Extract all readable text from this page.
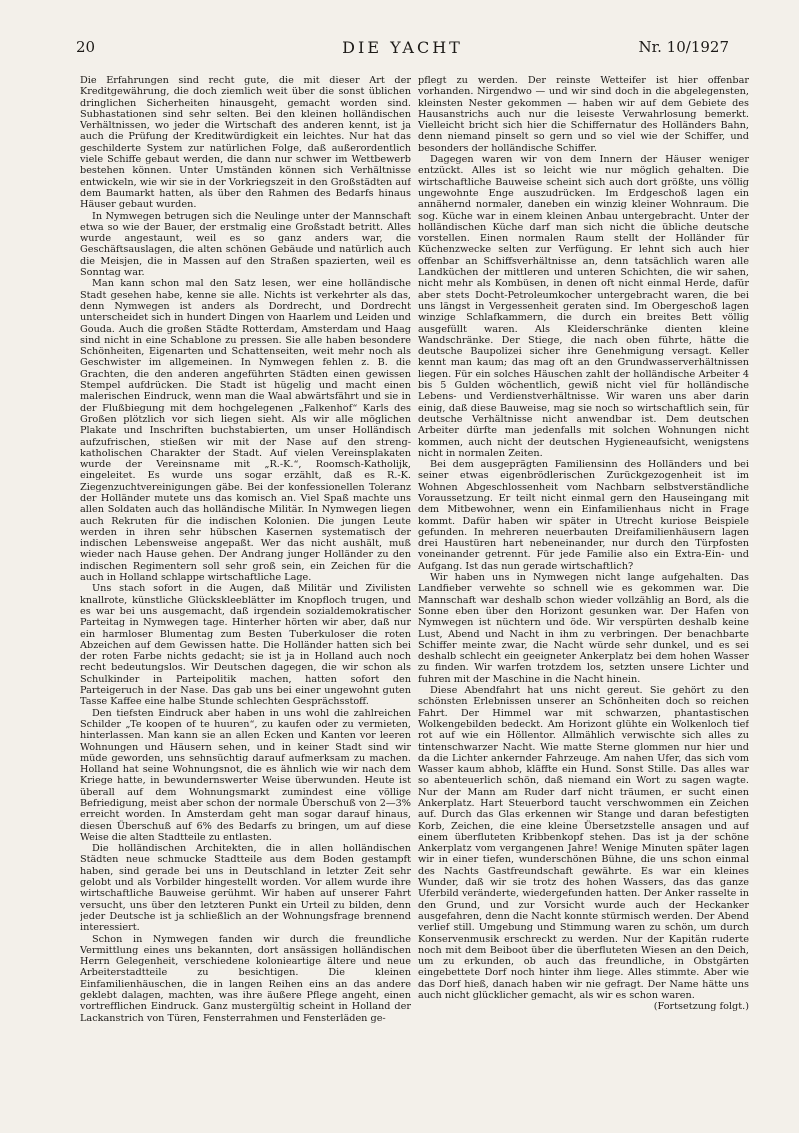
20	DIE YACHT	Nr. 10/1927

Die Erfahrungen sind recht gute, die mit dieser Art der Kreditgewährung, die doch ziemlich weit über die sonst üblichen dringlichen Sicherheiten hinausgeht, gemacht worden sind. Subhastationen sind sehr selten. Bei den kleinen holländischen Verhältnissen, wo jeder die Wirtschaft des anderen kennt, ist ja auch die Prüfung der Kreditwürdigkeit ein leichtes. Nur hat das geschilderte System zur natürlichen Folge, daß außerordentlich viele Schiffe gebaut werden, die dann nur schwer im Wettbewerb bestehen können. Unter Umständen können sich Verhältnisse entwickeln, wie wir sie in der Vorkriegszeit in den Großstädten auf dem Baumarkt hatten, als über den Rahmen des Bedarfs hinaus Häuser gebaut wurden.

In Nymwegen betrugen sich die Neulinge unter der Mannschaft etwa so wie der Bauer, der erstmalig eine Großstadt betritt. Alles wurde angestaunt, weil es so ganz anders war, die Geschäftsauslagen, die alten schönen Gebäude und natürlich auch die Meisjen, die in Massen auf den Straßen spazierten, weil es Sonntag war.

Man kann schon mal den Satz lesen, wer eine holländische Stadt gesehen habe, kenne sie alle. Nichts ist verkehrter als das, denn Nymwegen ist anders als Dordrecht, und Dordrecht unterscheidet sich in hundert Dingen von Haarlem und Leiden und Gouda. Auch die großen Städte Rotterdam, Amsterdam und Haag sind nicht in eine Schablone zu pressen. Sie alle haben besondere Schönheiten, Eigenarten und Schattenseiten, weit mehr noch als Geschwister im allgemeinen. In Nymwegen fehlen z. B. die Grachten, die den anderen angeführten Städten einen gewissen Stempel aufdrücken. Die Stadt ist hügelig und macht einen malerischen Eindruck, wenn man die Waal abwärtsfährt und sie in der Flußbiegung mit dem hochgelegenen „Falkenhof“ Karls des Großen plötzlich vor sich liegen sieht. Als wir alle möglichen Plakate und Inschriften buchstabierten, um unser Holländisch aufzufrischen, stießen wir mit der Nase auf den streng-katholischen Charakter der Stadt. Auf vielen Vereinsplakaten wurde der Vereinsname mit „R.-K.“, Roomsch-Katholijk, eingeleitet. Es wurde uns sogar erzählt, daß es R.-K. Ziegenzuchtvereinigungen gäbe. Bei der konfessionellen Toleranz der Holländer mutete uns das komisch an. Viel Spaß machte uns allen Soldaten auch das holländische Militär. In Nymwegen liegen auch Rekruten für die indischen Kolonien. Die jungen Leute werden in ihren sehr hübschen Kasernen systematisch der indischen Lebensweise angepaßt. Wer das nicht aushält, muß wieder nach Hause gehen. Der Andrang junger Holländer zu den indischen Regimentern soll sehr groß sein, ein Zeichen für die auch in Holland schlappe wirtschaftliche Lage.

Uns stach sofort in die Augen, daß Militär und Zivilisten knallrote, künstliche Glückskleeblätter im Knopfloch trugen, und es war bei uns ausgemacht, daß irgendein sozialdemokratischer Parteitag in Nymwegen tage. Hinterher hörten wir aber, daß nur ein harmloser Blumentag zum Besten Tuberkuloser die roten Abzeichen auf dem Gewissen hatte. Die Holländer hatten sich bei der roten Farbe nichts gedacht; sie ist ja in Holland auch noch recht bedeutungslos. Wir Deutschen dagegen, die wir schon als Schulkinder in Parteipolitik machen, hatten sofort den Parteigeruch in der Nase. Das gab uns bei einer ungewohnt guten Tasse Kaffee eine halbe Stunde schlechten Gesprächsstoff.

Den tiefsten Eindruck aber haben in uns wohl die zahlreichen Schilder „Te koopen of te huuren“, zu kaufen oder zu vermieten, hinterlassen. Man kann sie an allen Ecken und Kanten vor leeren Wohnungen und Häusern sehen, und in keiner Stadt sind wir müde geworden, uns sehnsüchtig darauf aufmerksam zu machen. Holland hat seine Wohnungsnot, die es ähnlich wie wir nach dem Kriege hatte, in bewundernswerter Weise überwunden. Heute ist überall auf dem Wohnungsmarkt zumindest eine völlige Befriedigung, meist aber schon der normale Überschuß von 2—3% erreicht worden. In Amsterdam geht man sogar darauf hinaus, diesen Überschuß auf 6% des Bedarfs zu bringen, um auf diese Weise die alten Stadtteile zu entlasten.

Die holländischen Architekten, die in allen holländischen Städten neue schmucke Stadtteile aus dem Boden gestampft haben, sind gerade bei uns in Deutschland in letzter Zeit sehr gelobt und als Vorbilder hingestellt worden. Vor allem wurde ihre wirtschaftliche Bauweise gerühmt. Wir haben auf unserer Fahrt versucht, uns über den letzteren Punkt ein Urteil zu bilden, denn jeder Deutsche ist ja schließlich an der Wohnungsfrage brennend interessiert.

Schon in Nymwegen fanden wir durch die freundliche Vermittlung eines uns bekannten, dort ansässigen holländischen Herrn Gelegenheit, verschiedene koloniеartige ältere und neue Arbeiterstadtteile zu besichtigen. Die kleinen Einfamilienhäuschen, die in langen Reihen eins an das andere geklebt dalagen, machten, was ihre äußere Pflege angeht, einen vortrefflichen Eindruck. Ganz mustergültig scheint in Holland der Lackanstrich von Türen, Fensterrahmen und Fensterläden ge-

pflegt zu werden. Der reinste Wetteifer ist hier offenbar vorhanden. Nirgendwo — und wir sind doch in die abgelegensten, kleinsten Nester gekommen — haben wir auf dem Gebiete des Hausanstrichs auch nur die leiseste Verwahrlosung bemerkt. Vielleicht bricht sich hier die Schiffernatur des Holländers Bahn, denn niemand pinselt so gern und so viel wie der Schiffer, und besonders der holländische Schiffer.

Dagegen waren wir von dem Innern der Häuser weniger entzückt. Alles ist so leicht wie nur möglich gehalten. Die wirtschaftliche Bauweise scheint sich auch dort größte, uns völlig ungewohnte Enge auszudrücken. Im Erdgeschoß lagen ein annähernd normaler, daneben ein winzig kleiner Wohnraum. Die sog. Küche war in einem kleinen Anbau untergebracht. Unter der holländischen Küche darf man sich nicht die übliche deutsche vorstellen. Einen normalen Raum stellt der Holländer für Küchenzwecke selten zur Verfügung. Er lehnt sich auch hier offenbar an Schiffsverhältnisse an, denn tatsächlich waren alle Landküchen der mittleren und unteren Schichten, die wir sahen, nicht mehr als Kombüsen, in denen oft nicht einmal Herde, dafür aber stets Docht-Petroleumkocher untergebracht waren, die bei uns längst in Vergessenheit geraten sind. Im Obergeschoß lagen winzige Schlafkammern, die durch ein breites Bett völlig ausgefüllt waren. Als Kleiderschränke dienten kleine Wandschränke. Der Stiege, die nach oben führte, hätte die deutsche Baupolizei sicher ihre Genehmigung versagt. Keller kennt man kaum; das mag oft an den Grundwasserverhältnissen liegen. Für ein solches Häuschen zahlt der holländische Arbeiter 4 bis 5 Gulden wöchentlich, gewiß nicht viel für holländische Lebens- und Verdienstverhältnisse. Wir waren uns aber darin einig, daß diese Bauweise, mag sie noch so wirtschaftlich sein, für deutsche Verhältnisse nicht anwendbar ist. Dem deutschen Arbeiter dürfte man jedenfalls mit solchen Wohnungen nicht kommen, auch nicht der deutschen Hygieneaufsicht, wenigstens nicht in normalen Zeiten.

Bei dem ausgeprägten Familiensinn des Holländers und bei seiner etwas eigenbrödlerischen Zurückgezogenheit ist im Wohnen Abgeschlossenheit vom Nachbarn selbstverständliche Voraussetzung. Er teilt nicht einmal gern den Hauseingang mit dem Mitbewohner, wenn ein Einfamilienhaus nicht in Frage kommt. Dafür haben wir später in Utrecht kuriose Beispiele gefunden. In mehreren neuerbauten Dreifamilienhäusern lagen drei Haustüren hart nebeneinander, nur durch den Türpfosten voneinander getrennt. Für jede Familie also ein Extra-Ein- und Aufgang. Ist das nun gerade wirtschaftlich?

Wir haben uns in Nymwegen nicht lange aufgehalten. Das Landfieber verwehte so schnell wie es gekommen war. Die Mannschaft war deshalb schon wieder vollzählig an Bord, als die Sonne eben über den Horizont gesunken war. Der Hafen von Nymwegen ist nüchtern und öde. Wir verspürten deshalb keine Lust, Abend und Nacht in ihm zu verbringen. Der benachbarte Schiffer meinte zwar, die Nacht würde sehr dunkel, und es sei deshalb schlecht ein geeigneter Ankerplatz bei dem hohen Wasser zu finden. Wir warfen trotzdem los, setzten unsere Lichter und fuhren mit der Maschine in die Nacht hinein.

Diese Abendfahrt hat uns nicht gereut. Sie gehört zu den schönsten Erlebnissen unserer an Schönheiten doch so reichen Fahrt. Der Himmel war mit schwarzen, phantastischen Wolkengebilden bedeckt. Am Horizont glühte ein Wolkenloch tief rot auf wie ein Höllentor. Allmählich verwischte sich alles zu tintenschwarzer Nacht. Wie matte Sterne glommen nur hier und da die Lichter ankernder Fahrzeuge. Am nahen Ufer, das sich vom Wasser kaum abhob, kläffte ein Hund. Sonst Stille. Das alles war so abenteuerlich schön, daß niemand ein Wort zu sagen wagte. Nur der Mann am Ruder darf nicht träumen, er sucht einen Ankerplatz. Hart Steuerbord taucht verschwommen ein Zeichen auf. Durch das Glas erkennen wir Stange und daran befestigten Korb, Zeichen, die eine kleine Übersetzstelle ansagen und auf einem überfluteten Kribbenkopf stehen. Das ist ja der schöne Ankerplatz vom vergangenen Jahre! Wenige Minuten später lagen wir in einer tiefen, wunderschönen Bühne, die uns schon einmal des Nachts Gastfreundschaft gewährte. Es war ein kleines Wunder, daß wir sie trotz des hohen Wassers, das das ganze Uferbild veränderte, wiedergefunden hatten. Der Anker rasselte in den Grund, und zur Vorsicht wurde auch der Heckanker ausgefahren, denn die Nacht konnte stürmisch werden. Der Abend verlief still. Umgebung und Stimmung waren zu schön, um durch Konservenmusik erschreckt zu werden. Nur der Kapitän ruderte noch mit dem Beiboot über die überfluteten Wiesen an den Deich, um zu erkunden, ob auch das freundliche, in Obstgärten eingebettete Dorf noch hinter ihm liege. Alles stimmte. Aber wie das Dorf hieß, danach haben wir nie gefragt. Der Name hätte uns auch nicht glücklicher gemacht, als wir es schon waren.

(Fortsetzung folgt.)
